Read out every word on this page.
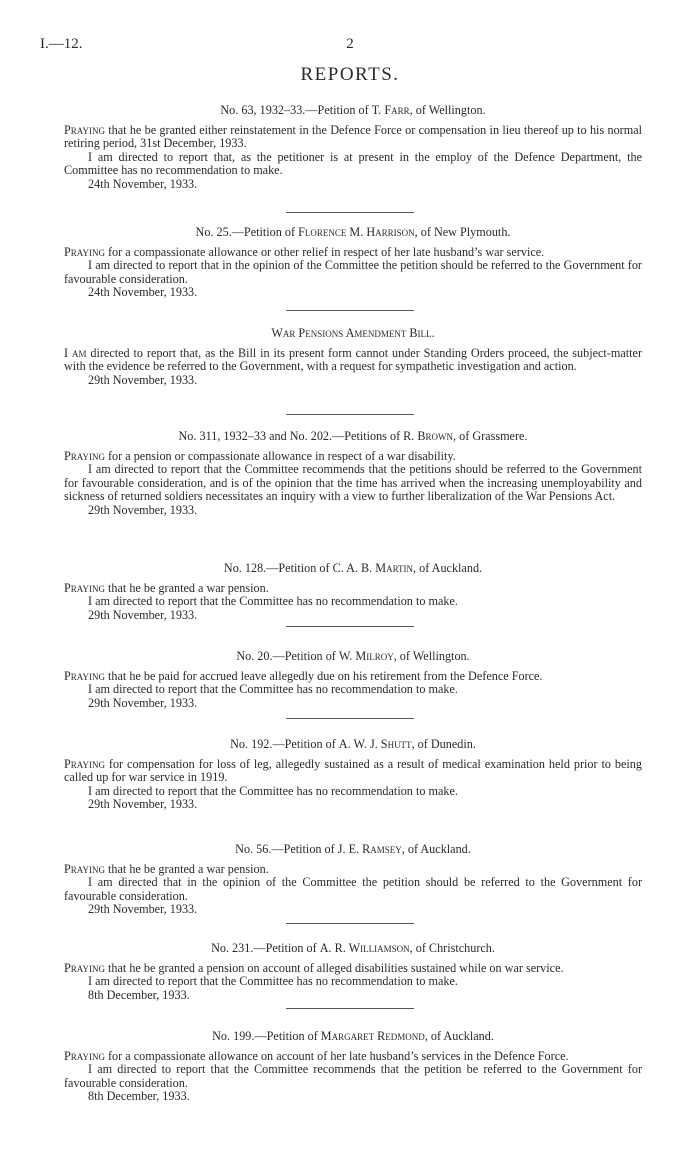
I.—12.	2
REPORTS.
No. 63, 1932–33.—Petition of T. Farr, of Wellington.

Praying that he be granted either reinstatement in the Defence Force or compensation in lieu thereof up to his normal retiring period, 31st December, 1933.

I am directed to report that, as the petitioner is at present in the employ of the Defence Department, the Committee has no recommendation to make.

24th November, 1933.

No. 25.—Petition of Florence M. Harrison, of New Plymouth.

Praying for a compassionate allowance or other relief in respect of her late husband’s war service.

I am directed to report that in the opinion of the Committee the petition should be referred to the Government for favourable consideration.

24th November, 1933.

War Pensions Amendment Bill.

I am directed to report that, as the Bill in its present form cannot under Standing Orders proceed, the subject-matter with the evidence be referred to the Government, with a request for sympathetic investigation and action.

29th November, 1933.

No. 311, 1932–33 and No. 202.—Petitions of R. Brown, of Grassmere.

Praying for a pension or compassionate allowance in respect of a war disability.

I am directed to report that the Committee recommends that the petitions should be referred to the Government for favourable consideration, and is of the opinion that the time has arrived when the increasing unemployability and sickness of returned soldiers necessitates an inquiry with a view to further liberalization of the War Pensions Act.

29th November, 1933.

No. 128.—Petition of C. A. B. Martin, of Auckland.

Praying that he be granted a war pension.

I am directed to report that the Committee has no recommendation to make.

29th November, 1933.

No. 20.—Petition of W. Milroy, of Wellington.

Praying that he be paid for accrued leave allegedly due on his retirement from the Defence Force.

I am directed to report that the Committee has no recommendation to make.

29th November, 1933.

No. 192.—Petition of A. W. J. Shutt, of Dunedin.

Praying for compensation for loss of leg, allegedly sustained as a result of medical examination held prior to being called up for war service in 1919.

I am directed to report that the Committee has no recommendation to make.

29th November, 1933.

No. 56.—Petition of J. E. Ramsey, of Auckland.

Praying that he be granted a war pension.

I am directed that in the opinion of the Committee the petition should be referred to the Government for favourable consideration.

29th November, 1933.

No. 231.—Petition of A. R. Williamson, of Christchurch.

Praying that he be granted a pension on account of alleged disabilities sustained while on war service.

I am directed to report that the Committee has no recommendation to make.

8th December, 1933.

No. 199.—Petition of Margaret Redmond, of Auckland.

Praying for a compassionate allowance on account of her late husband’s services in the Defence Force.

I am directed to report that the Committee recommends that the petition be referred to the Government for favourable consideration.

8th December, 1933.
